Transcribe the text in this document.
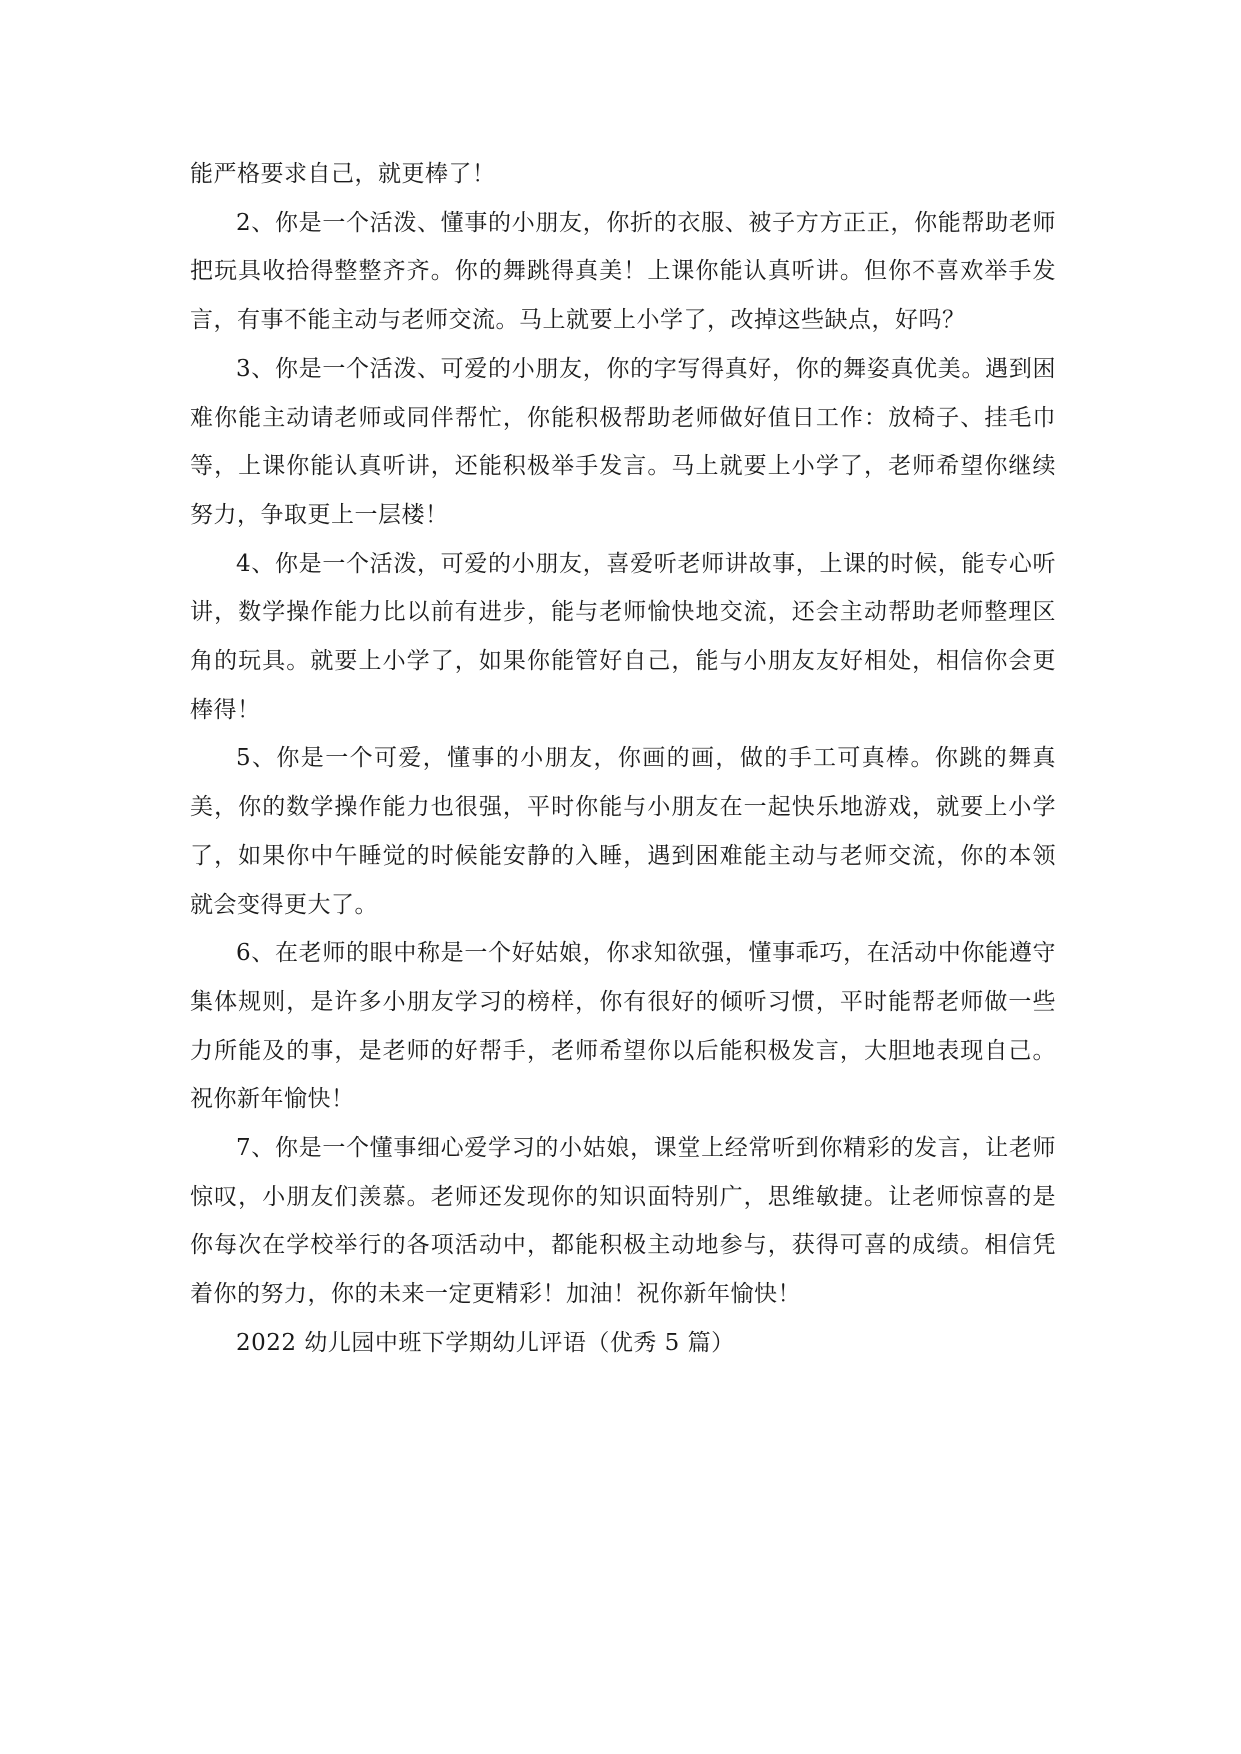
能严格要求自己，就更棒了！

2、你是一个活泼、懂事的小朋友，你折的衣服、被子方方正正，你能帮助老师把玩具收拾得整整齐齐。你的舞跳得真美！上课你能认真听讲。但你不喜欢举手发言，有事不能主动与老师交流。马上就要上小学了，改掉这些缺点，好吗？

3、你是一个活泼、可爱的小朋友，你的字写得真好，你的舞姿真优美。遇到困难你能主动请老师或同伴帮忙，你能积极帮助老师做好值日工作：放椅子、挂毛巾等，上课你能认真听讲，还能积极举手发言。马上就要上小学了，老师希望你继续努力，争取更上一层楼！

4、你是一个活泼，可爱的小朋友，喜爱听老师讲故事，上课的时候，能专心听讲，数学操作能力比以前有进步，能与老师愉快地交流，还会主动帮助老师整理区角的玩具。就要上小学了，如果你能管好自己，能与小朋友友好相处，相信你会更棒得！

5、你是一个可爱，懂事的小朋友，你画的画，做的手工可真棒。你跳的舞真美，你的数学操作能力也很强，平时你能与小朋友在一起快乐地游戏，就要上小学了，如果你中午睡觉的时候能安静的入睡，遇到困难能主动与老师交流，你的本领就会变得更大了。

6、在老师的眼中称是一个好姑娘，你求知欲强，懂事乖巧，在活动中你能遵守集体规则，是许多小朋友学习的榜样，你有很好的倾听习惯，平时能帮老师做一些力所能及的事，是老师的好帮手，老师希望你以后能积极发言，大胆地表现自己。祝你新年愉快！

7、你是一个懂事细心爱学习的小姑娘，课堂上经常听到你精彩的发言，让老师惊叹，小朋友们羡慕。老师还发现你的知识面特别广，思维敏捷。让老师惊喜的是你每次在学校举行的各项活动中，都能积极主动地参与，获得可喜的成绩。相信凭着你的努力，你的未来一定更精彩！加油！祝你新年愉快！

2022 幼儿园中班下学期幼儿评语（优秀 5 篇）
